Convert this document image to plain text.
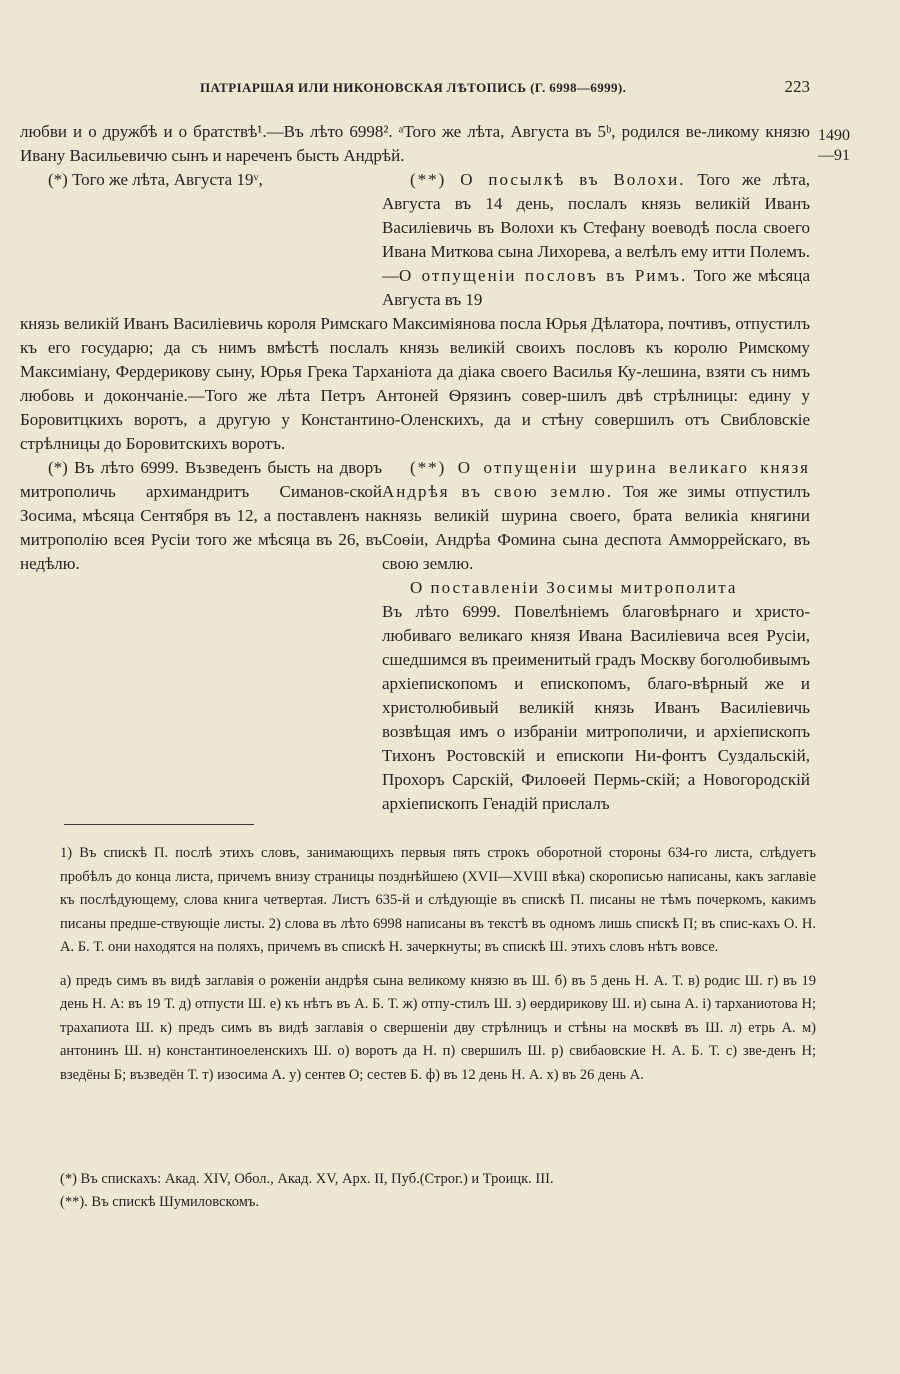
ПАТРІАРШАЯ ИЛИ НИКОНОВСКАЯ ЛѢТОПИСЬ (Г. 6998—6999).	223
1490
—91

любви и о дружбѣ и о братствѣ¹.—Въ лѣто 6998². ᵃТого же лѣта, Августа въ 5ᵇ, родился ве-ликому князю Ивану Васильевичю сынъ и нареченъ бысть Андрѣй.

(*) Того же лѣта, Августа 19ᵛ,	(**) О посылкѣ въ Волохи. Того же лѣта, Августа въ 14 день, послалъ князь великій Иванъ Василіевичь въ Волохи къ Стефану воеводѣ посла своего Ивана Миткова сына Лихорева, а велѣлъ ему итти Полемъ.—О отпущеніи пословъ въ Римъ. Того же мѣсяца Августа въ 19

князь великій Иванъ Василіевичь короля Римскаго Максиміянова посла Юрья Дѣлатора, почтивъ, отпустилъ къ его государю; да съ нимъ вмѣстѣ послалъ князь великій своихъ пословъ къ королю Римскому Максиміану, Фердерикову сыну, Юрья Грека Тарханіота да діака своего Василья Ку-лешина, взяти съ нимъ любовь и докончаніе.—Того же лѣта Петръ Антоней Ѳрязинъ совер-шилъ двѣ стрѣлницы: едину у Боровитцкихъ воротъ, а другую у Константино-Оленскихъ, да и стѣну совершилъ отъ Свибловскіе стрѣлницы до Боровитскихъ воротъ.

(*) Въ лѣто 6999. Възведенъ бысть на дворъ митрополичь архимандритъ Симанов-ской Зосима, мѣсяца Сентября въ 12, а поставленъ на митрополію всея Русіи того же мѣсяца въ 26, въ недѣлю.

(**) О отпущеніи шурина великаго князя Андрѣя въ свою землю. Тоя же зимы отпустилъ князь великій шурина своего, брата великіа княгини Соѳіи, Андрѣа Фомина сына деспота Амморрейскаго, въ свою землю.

О поставленіи Зосимы митрополита

Въ лѣто 6999. Повелѣніемъ благовѣрнаго и христо-любиваго великаго князя Ивана Василіевича всея Русіи, сшедшимся въ преименитый градъ Москву боголюбивымъ архіепископомъ и епископомъ, благо-вѣрный же и христолюбивый великій князь Иванъ Василіевичь возвѣщая имъ о избраніи митрополичи, и архіепископъ Тихонъ Ростовскій и епископи Ни-фонтъ Суздальскій, Прохоръ Сарскій, Филоѳей Пермь-скій; а Новогородскій архіепископъ Генадій прислалъ

1) Въ спискѣ П. послѣ этихъ словъ, занимающихъ первыя пять строкъ оборотной стороны 634-го листа, слѣдуетъ пробѣлъ до конца листа, причемъ внизу страницы позднѣйшею (XVII—XVIII вѣка) скорописью написаны, какъ заглавіе къ послѣдующему, слова книга четвертая. Листъ 635-й и слѣдующіе въ спискѣ П. писаны не тѣмъ почеркомъ, какимъ писаны предше-ствующіе листы. 2) слова въ лѣто 6998 написаны въ текстѣ въ одномъ лишь спискѣ П; въ спис-кахъ О. Н. А. Б. Т. они находятся на поляхъ, причемъ въ спискѣ Н. зачеркнуты; въ спискѣ Ш. этихъ словъ нѣтъ вовсе.

а) предъ симъ въ видѣ заглавія о роженіи андрѣя сына великому князю въ Ш. б) въ 5 день Н. А. Т. в) родис Ш. г) въ 19 день Н. А: въ 19 Т. д) отпусти Ш. е) къ нѣтъ въ А. Б. Т. ж) отпу-стилъ Ш. з) ѳердирикову Ш. и) сына А. і) тарханиотова Н; трахапиота Ш. к) предъ симъ въ видѣ заглавія о свершеніи дву стрѣлницъ и стѣны на москвѣ въ Ш. л) етрь А. м) антонинъ Ш. н) константиноеленскихъ Ш. о) воротъ да Н. п) свершилъ Ш. р) свибаовские Н. А. Б. Т. с) зве-денъ Н; взедёны Б; възведён Т. т) изосима А. у) сентев О; сестев Б. ф) въ 12 день Н. А. х) въ 26 день А.

(*) Въ спискахъ: Акад. XIV, Обол., Акад. XV, Арх. II, Пуб.(Строг.) и Троицк. III.

(**). Въ спискѣ Шумиловскомъ.
